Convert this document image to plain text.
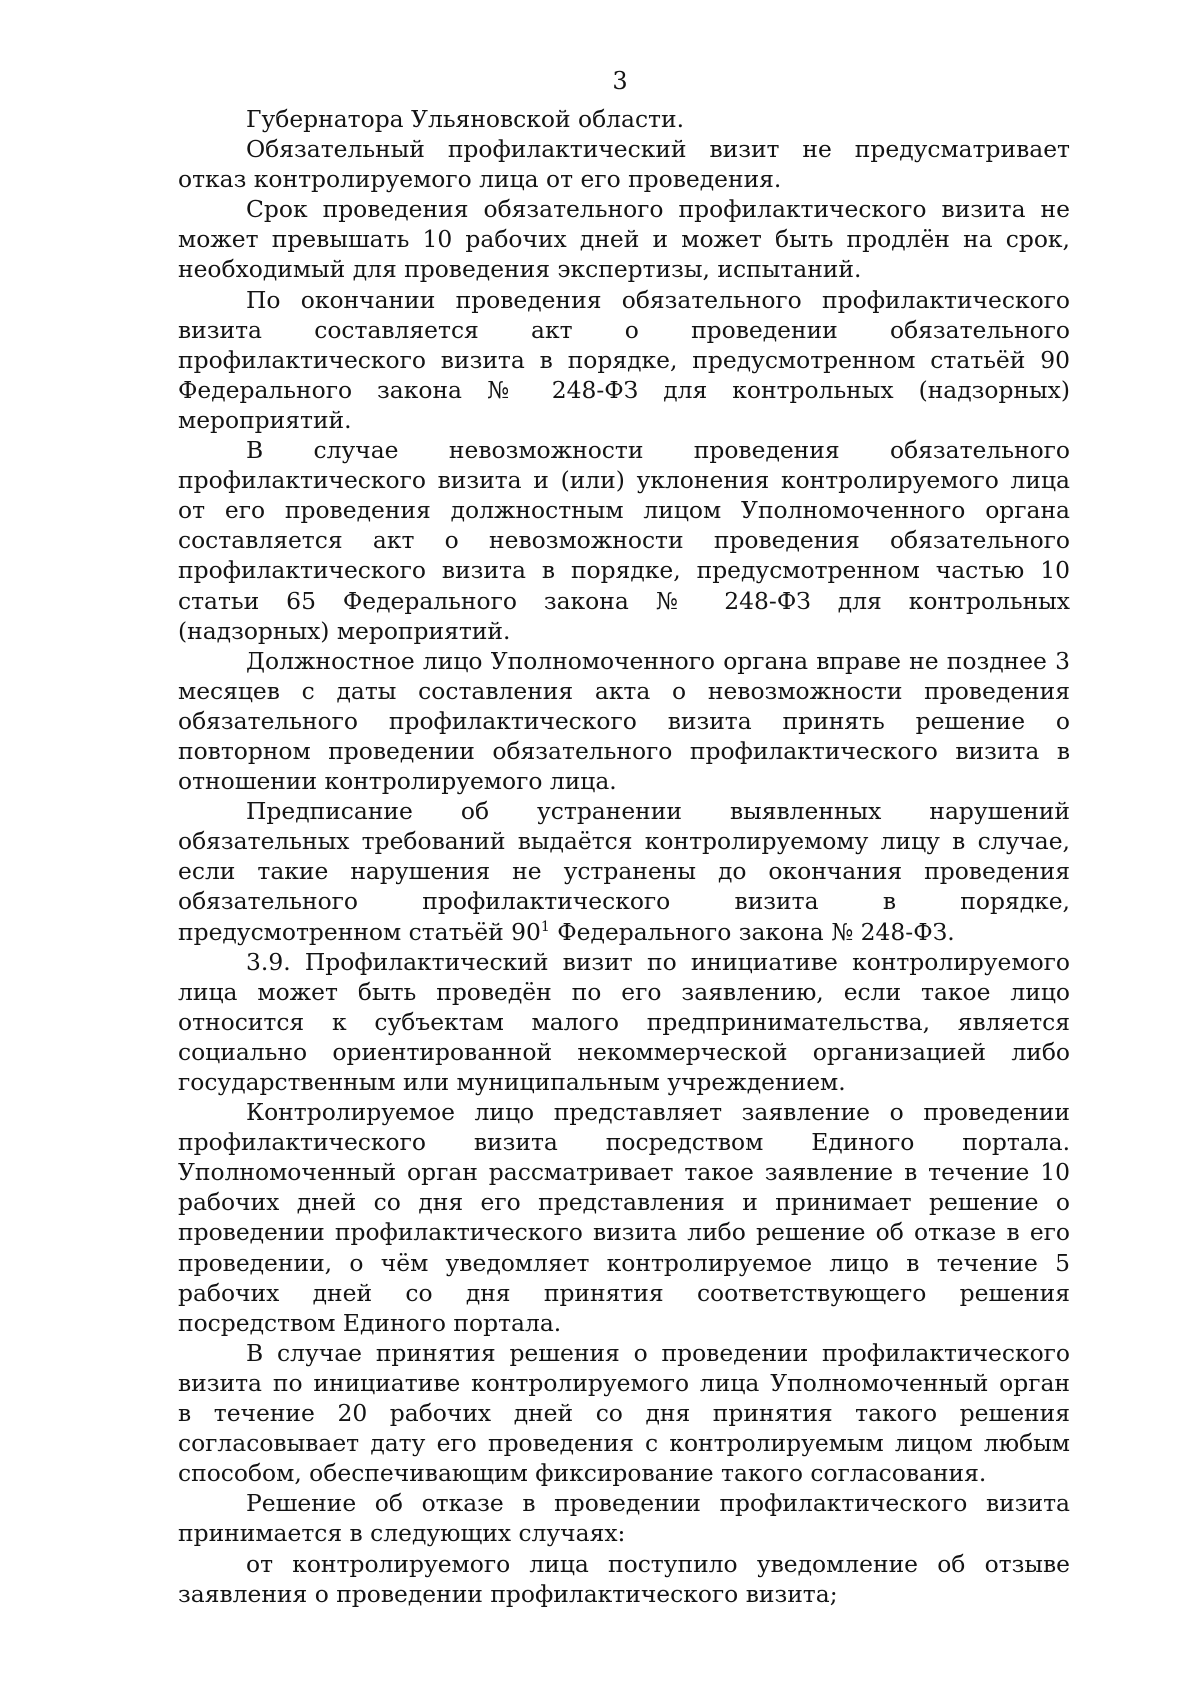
3

Губернатора Ульяновской области.

Обязательный профилактический визит не предусматривает отказ контролируемого лица от его проведения.

Срок проведения обязательного профилактического визита не может превышать 10 рабочих дней и может быть продлён на срок, необходимый для проведения экспертизы, испытаний.

По окончании проведения обязательного профилактического визита составляется акт о проведении обязательного профилактического визита в порядке, предусмотренном статьёй 90 Федерального закона № 248-ФЗ для контрольных (надзорных) мероприятий.

В случае невозможности проведения обязательного профилактического визита и (или) уклонения контролируемого лица от его проведения должностным лицом Уполномоченного органа составляется акт о невозможности проведения обязательного профилактического визита в порядке, предусмотренном частью 10 статьи 65 Федерального закона № 248-ФЗ для контрольных (надзорных) мероприятий.

Должностное лицо Уполномоченного органа вправе не позднее 3 месяцев с даты составления акта о невозможности проведения обязательного профилактического визита принять решение о повторном проведении обязательного профилактического визита в отношении контролируемого лица.

Предписание об устранении выявленных нарушений обязательных требований выдаётся контролируемому лицу в случае, если такие нарушения не устранены до окончания проведения обязательного профилактического визита в порядке, предусмотренном статьёй $90^1$ Федерального закона № 248-ФЗ.

3.9. Профилактический визит по инициативе контролируемого лица может быть проведён по его заявлению, если такое лицо относится к субъектам малого предпринимательства, является социально ориентированной некоммерческой организацией либо государственным или муниципальным учреждением.

Контролируемое лицо представляет заявление о проведении профилактического визита посредством Единого портала. Уполномоченный орган рассматривает такое заявление в течение 10 рабочих дней со дня его представления и принимает решение о проведении профилактического визита либо решение об отказе в его проведении, о чём уведомляет контролируемое лицо в течение 5 рабочих дней со дня принятия соответствующего решения посредством Единого портала.

В случае принятия решения о проведении профилактического визита по инициативе контролируемого лица Уполномоченный орган в течение 20 рабочих дней со дня принятия такого решения согласовывает дату его проведения с контролируемым лицом любым способом, обеспечивающим фиксирование такого согласования.

Решение об отказе в проведении профилактического визита принимается в следующих случаях:

от контролируемого лица поступило уведомление об отзыве заявления о проведении профилактического визита;
